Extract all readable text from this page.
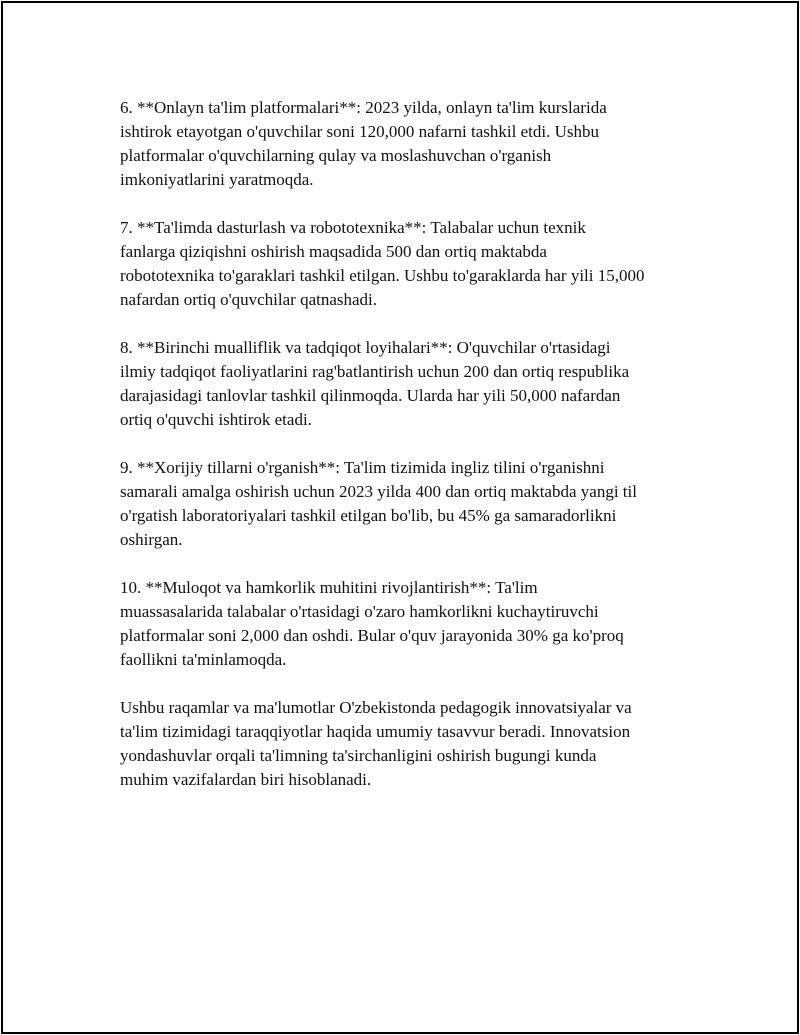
6. **Onlayn ta'lim platformalari**: 2023 yilda, onlayn ta'lim kurslarida
ishtirok etayotgan o'quvchilar soni 120,000 nafarni tashkil etdi. Ushbu
platformalar o'quvchilarning qulay va moslashuvchan o'rganish
imkoniyatlarini yaratmoqda.

7. **Ta'limda dasturlash va robototexnika**: Talabalar uchun texnik
fanlarga qiziqishni oshirish maqsadida 500 dan ortiq maktabda
robototexnika to'garaklari tashkil etilgan. Ushbu to'garaklarda har yili 15,000
nafardan ortiq o'quvchilar qatnashadi.

8. **Birinchi mualliflik va tadqiqot loyihalari**: O'quvchilar o'rtasidagi
ilmiy tadqiqot faoliyatlarini rag'batlantirish uchun 200 dan ortiq respublika
darajasidagi tanlovlar tashkil qilinmoqda. Ularda har yili 50,000 nafardan
ortiq o'quvchi ishtirok etadi.

9. **Xorijiy tillarni o'rganish**: Ta'lim tizimida ingliz tilini o'rganishni
samarali amalga oshirish uchun 2023 yilda 400 dan ortiq maktabda yangi til
o'rgatish laboratoriyalari tashkil etilgan bo'lib, bu 45% ga samaradorlikni
oshirgan.

10. **Muloqot va hamkorlik muhitini rivojlantirish**: Ta'lim
muassasalarida talabalar o'rtasidagi o'zaro hamkorlikni kuchaytiruvchi
platformalar soni 2,000 dan oshdi. Bular o'quv jarayonida 30% ga ko'proq
faollikni ta'minlamoqda.

Ushbu raqamlar va ma'lumotlar O'zbekistonda pedagogik innovatsiyalar va
ta'lim tizimidagi taraqqiyotlar haqida umumiy tasavvur beradi. Innovatsion
yondashuvlar orqali ta'limning ta'sirchanligini oshirish bugungi kunda
muhim vazifalardan biri hisoblanadi.
